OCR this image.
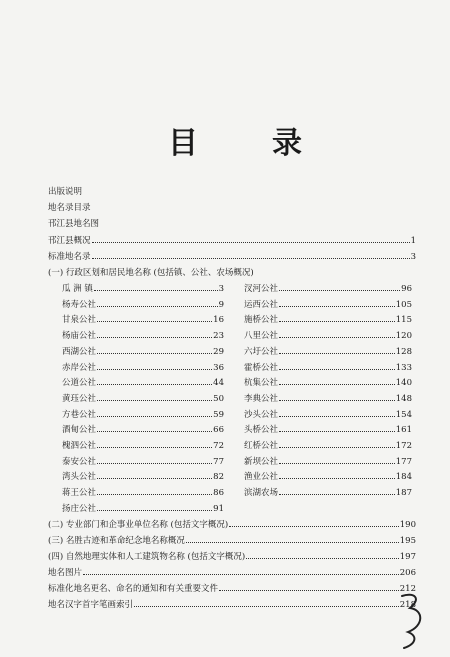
目 录
出版说明
地名录目录
邗江县地名图
邗江县概况	1
标准地名录	3
(一) 行政区划和居民地名称 (包括镇、公社、农场概况)
瓜 洲 镇	3
杨寿公社	9
甘泉公社	16
杨庙公社	23
西湖公社	29
赤岸公社	36
公道公社	44
黄珏公社	50
方巷公社	59
酒甸公社	66
槐泗公社	72
泰安公社	77
湾头公社	82
蒋王公社	86
扬庄公社	91
汊河公社	96
运西公社	105
施桥公社	115
八里公社	120
六圩公社	128
霍桥公社	133
杭集公社	140
李典公社	148
沙头公社	154
头桥公社	161
红桥公社	172
新坝公社	177
渔业公社	184
滨湖农场	187
(二) 专业部门和企事业单位名称 (包括文字概况)	190
(三) 名胜古迹和革命纪念地名称概况	195
(四) 自然地理实体和人工建筑物名称 (包括文字概况)	197
地名图片	206
标准化地名更名、命名的通知和有关重要文件	212
地名汉字首字笔画索引	218
